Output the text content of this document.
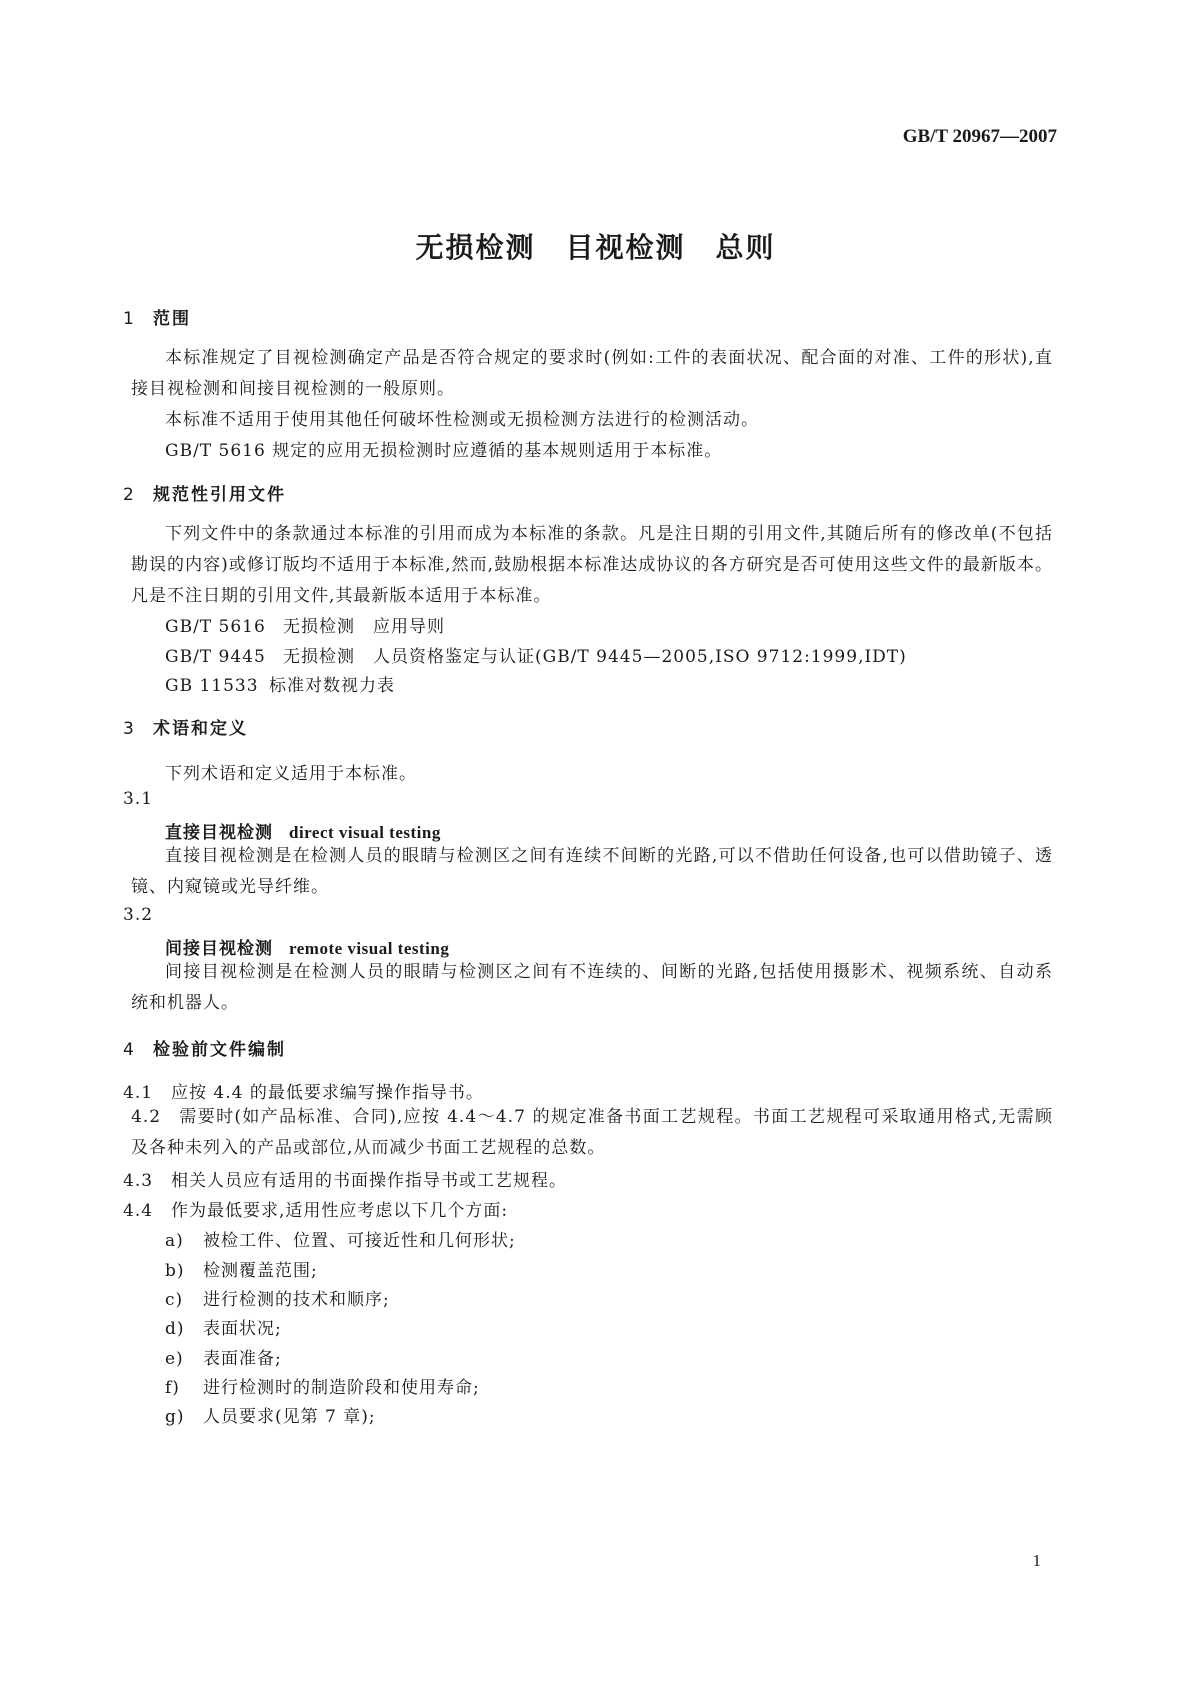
GB/T 20967—2007
无损检测　目视检测　总则
1 范围
本标准规定了目视检测确定产品是否符合规定的要求时(例如:工件的表面状况、配合面的对准、工件的形状),直接目视检测和间接目视检测的一般原则。
本标准不适用于使用其他任何破坏性检测或无损检测方法进行的检测活动。
GB/T 5616 规定的应用无损检测时应遵循的基本规则适用于本标准。
2 规范性引用文件
下列文件中的条款通过本标准的引用而成为本标准的条款。凡是注日期的引用文件,其随后所有的修改单(不包括勘误的内容)或修订版均不适用于本标准,然而,鼓励根据本标准达成协议的各方研究是否可使用这些文件的最新版本。凡是不注日期的引用文件,其最新版本适用于本标准。
GB/T 5616 无损检测　应用导则
GB/T 9445 无损检测　人员资格鉴定与认证(GB/T 9445—2005,ISO 9712:1999,IDT)
GB 11533 标准对数视力表
3 术语和定义
下列术语和定义适用于本标准。
3.1
直接目视检测 direct visual testing
直接目视检测是在检测人员的眼睛与检测区之间有连续不间断的光路,可以不借助任何设备,也可以借助镜子、透镜、内窥镜或光导纤维。
3.2
间接目视检测 remote visual testing
间接目视检测是在检测人员的眼睛与检测区之间有不连续的、间断的光路,包括使用摄影术、视频系统、自动系统和机器人。
4 检验前文件编制
4.1 应按 4.4 的最低要求编写操作指导书。
4.2 需要时(如产品标准、合同),应按 4.4～4.7 的规定准备书面工艺规程。书面工艺规程可采取通用格式,无需顾及各种未列入的产品或部位,从而减少书面工艺规程的总数。
4.3 相关人员应有适用的书面操作指导书或工艺规程。
4.4 作为最低要求,适用性应考虑以下几个方面:
a) 被检工件、位置、可接近性和几何形状;
b) 检测覆盖范围;
c) 进行检测的技术和顺序;
d) 表面状况;
e) 表面准备;
f) 进行检测时的制造阶段和使用寿命;
g) 人员要求(见第 7 章);
1
